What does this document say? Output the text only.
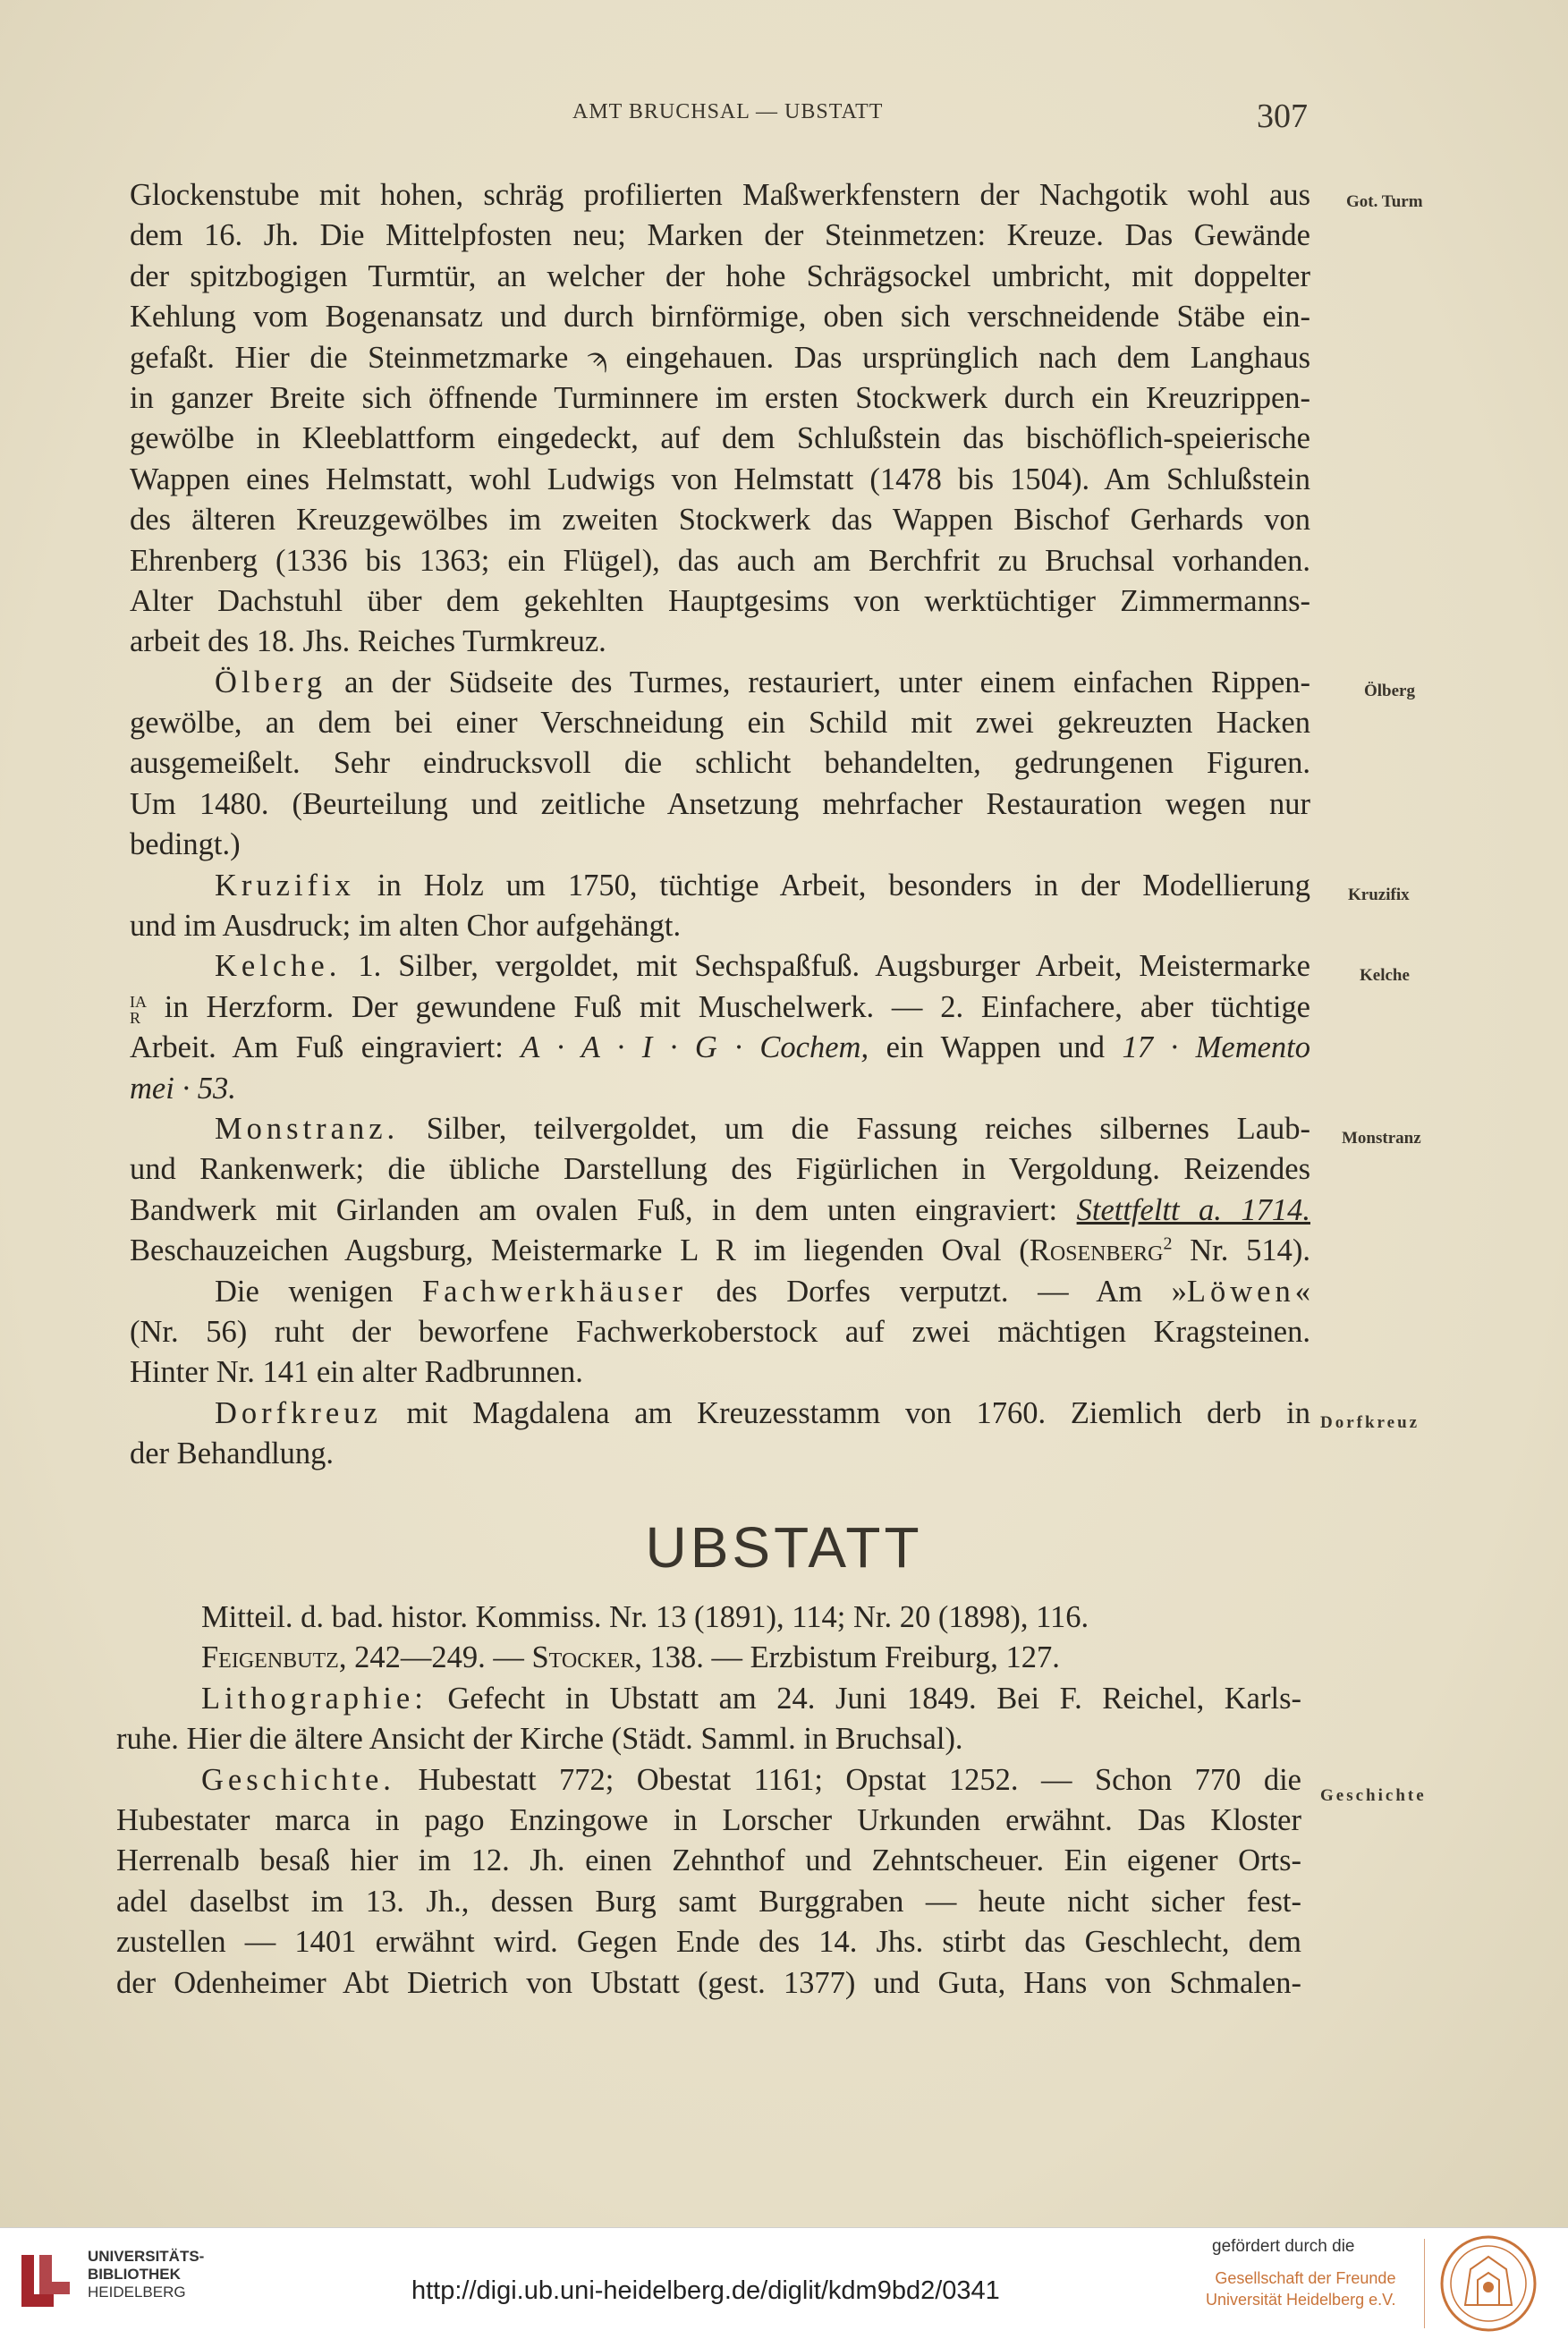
AMT BRUCHSAL — UBSTATT	307
Got. Turm
Ölberg
Kruzifix
Kelche
Monstranz
Dorfkreuz
Geschichte
Glockenstube mit hohen, schräg profilierten Maßwerkfenstern der Nachgotik wohl aus
dem 16. Jh. Die Mittelpfosten neu; Marken der Steinmetzen: Kreuze. Das Gewände
der spitzbogigen Turmtür, an welcher der hohe Schrägsockel umbricht, mit doppelter
Kehlung vom Bogenansatz und durch birnförmige, oben sich verschneidende Stäbe ein-
gefaßt. Hier die Steinmetzmarke ϡ eingehauen. Das ursprünglich nach dem Langhaus
in ganzer Breite sich öffnende Turminnere im ersten Stockwerk durch ein Kreuzrippen-
gewölbe in Kleeblattform eingedeckt, auf dem Schlußstein das bischöflich-speierische
Wappen eines Helmstatt, wohl Ludwigs von Helmstatt (1478 bis 1504). Am Schlußstein
des älteren Kreuzgewölbes im zweiten Stockwerk das Wappen Bischof Gerhards von
Ehrenberg (1336 bis 1363; ein Flügel), das auch am Berchfrit zu Bruchsal vorhanden.
Alter Dachstuhl über dem gekehlten Hauptgesims von werktüchtiger Zimmermanns-
arbeit des 18. Jhs. Reiches Turmkreuz.
Ölberg an der Südseite des Turmes, restauriert, unter einem einfachen Rippen-
gewölbe, an dem bei einer Verschneidung ein Schild mit zwei gekreuzten Hacken
ausgemeißelt. Sehr eindrucksvoll die schlicht behandelten, gedrungenen Figuren.
Um 1480. (Beurteilung und zeitliche Ansetzung mehrfacher Restauration wegen nur
bedingt.)
Kruzifix in Holz um 1750, tüchtige Arbeit, besonders in der Modellierung
und im Ausdruck; im alten Chor aufgehängt.
Kelche. 1. Silber, vergoldet, mit Sechspaßfuß. Augsburger Arbeit, Meistermarke
IA
R in Herzform. Der gewundene Fuß mit Muschelwerk. — 2. Einfachere, aber tüchtige
Arbeit. Am Fuß eingraviert: A · A · I · G · Cochem, ein Wappen und 17 · Memento
mei · 53.
Monstranz. Silber, teilvergoldet, um die Fassung reiches silbernes Laub-
und Rankenwerk; die übliche Darstellung des Figürlichen in Vergoldung. Reizendes
Bandwerk mit Girlanden am ovalen Fuß, in dem unten eingraviert: Stettfeltt a. 1714.
Beschauzeichen Augsburg, Meistermarke L R im liegenden Oval (Rosenberg$^2$ Nr. 514).
Die wenigen Fachwerkhäuser des Dorfes verputzt. — Am »Löwen«
(Nr. 56) ruht der beworfene Fachwerkoberstock auf zwei mächtigen Kragsteinen.
Hinter Nr. 141 ein alter Radbrunnen.
Dorfkreuz mit Magdalena am Kreuzesstamm von 1760. Ziemlich derb in
der Behandlung.
UBSTATT
Mitteil. d. bad. histor. Kommiss. Nr. 13 (1891), 114; Nr. 20 (1898), 116.
Feigenbutz, 242—249. — Stocker, 138. — Erzbistum Freiburg, 127.
Lithographie: Gefecht in Ubstatt am 24. Juni 1849. Bei F. Reichel, Karls-
ruhe. Hier die ältere Ansicht der Kirche (Städt. Samml. in Bruchsal).
Geschichte. Hubestatt 772; Obestat 1161; Opstat 1252. — Schon 770 die
Hubestater marca in pago Enzingowe in Lorscher Urkunden erwähnt. Das Kloster
Herrenalb besaß hier im 12. Jh. einen Zehnthof und Zehntscheuer. Ein eigener Orts-
adel daselbst im 13. Jh., dessen Burg samt Burggraben — heute nicht sicher fest-
zustellen — 1401 erwähnt wird. Gegen Ende des 14. Jhs. stirbt das Geschlecht, dem
der Odenheimer Abt Dietrich von Ubstatt (gest. 1377) und Guta, Hans von Schmalen-
UNIVERSITÄTS-
BIBLIOTHEK
HEIDELBERG	http://digi.ub.uni-heidelberg.de/diglit/kdm9bd2/0341
gefördert durch die
Gesellschaft der Freunde
Universität Heidelberg e.V.
